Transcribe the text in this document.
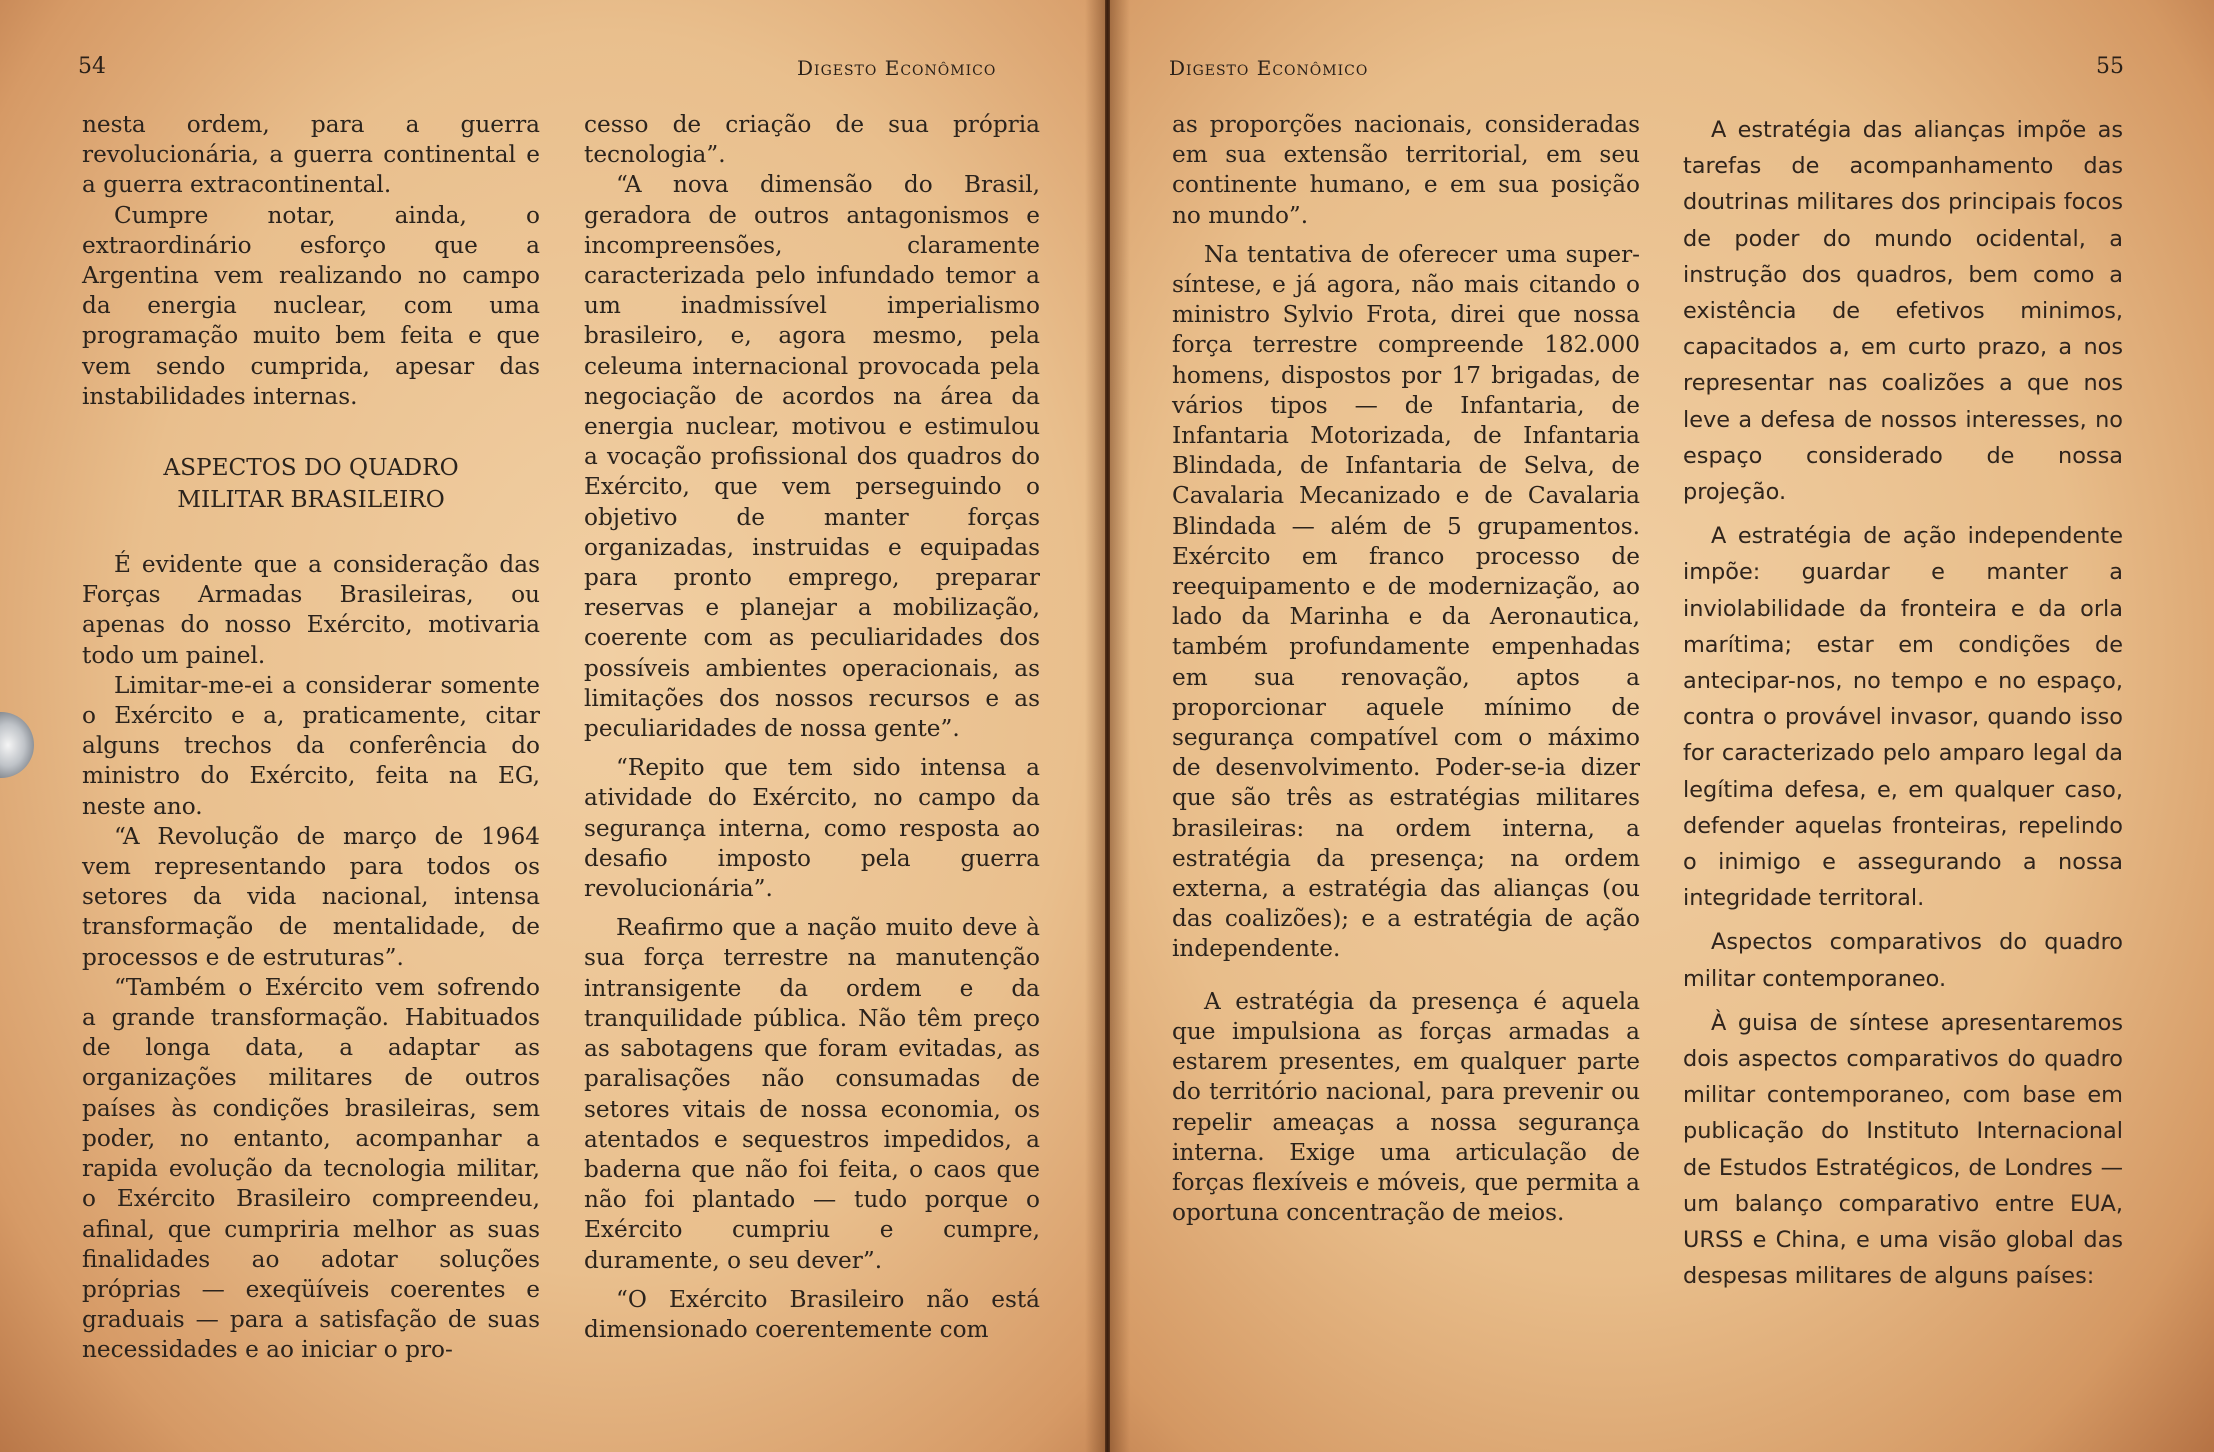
54	Digesto Econômico

nesta ordem, para a guerra revolucionária, a guerra continental e a guerra extracontinental.

Cumpre notar, ainda, o extraordinário esforço que a Argentina vem realizando no campo da energia nuclear, com uma programação muito bem feita e que vem sendo cumprida, apesar das instabilidades internas.

ASPECTOS DO QUADRO
MILITAR BRASILEIRO

É evidente que a consideração das Forças Armadas Brasileiras, ou apenas do nosso Exército, motivaria todo um painel.

Limitar-me-ei a considerar somente o Exército e a, praticamente, citar alguns trechos da conferência do ministro do Exército, feita na EG, neste ano.

“A Revolução de março de 1964 vem representando para todos os setores da vida nacional, intensa transformação de mentalidade, de processos e de estruturas”.

“Também o Exército vem sofrendo a grande transformação. Habituados de longa data, a adaptar as organizações militares de outros países às condições brasileiras, sem poder, no entanto, acompanhar a rapida evolução da tecnologia militar, o Exército Brasileiro compreendeu, afinal, que cumpriria melhor as suas finalidades ao adotar soluções próprias — exeqüíveis coerentes e graduais — para a satisfação de suas necessidades e ao iniciar o pro-

cesso de criação de sua própria tecnologia”.

“A nova dimensão do Brasil, geradora de outros antagonismos e incompreensões, claramente caracterizada pelo infundado temor a um inadmissível imperialismo brasileiro, e, agora mesmo, pela celeuma internacional provocada pela negociação de acordos na área da energia nuclear, motivou e estimulou a vocação profissional dos quadros do Exército, que vem perseguindo o objetivo de manter forças organizadas, instruidas e equipadas para pronto emprego, preparar reservas e planejar a mobilização, coerente com as peculiaridades dos possíveis ambientes operacionais, as limitações dos nossos recursos e as peculiaridades de nossa gente”.

“Repito que tem sido intensa a atividade do Exército, no campo da segurança interna, como resposta ao desafio imposto pela guerra revolucionária”.

Reafirmo que a nação muito deve à sua força terrestre na manutenção intransigente da ordem e da tranquilidade pública. Não têm preço as sabotagens que foram evitadas, as paralisações não consumadas de setores vitais de nossa economia, os atentados e sequestros impedidos, a baderna que não foi feita, o caos que não foi plantado — tudo porque o Exército cumpriu e cumpre, duramente, o seu dever”.

“O Exército Brasileiro não está dimensionado coerentemente com

Digesto Econômico	55

as proporções nacionais, consideradas em sua extensão territorial, em seu continente humano, e em sua posição no mundo”.

Na tentativa de oferecer uma super-síntese, e já agora, não mais citando o ministro Sylvio Frota, direi que nossa força terrestre compreende 182.000 homens, dispostos por 17 brigadas, de vários tipos — de Infantaria, de Infantaria Motorizada, de Infantaria Blindada, de Infantaria de Selva, de Cavalaria Mecanizado e de Cavalaria Blindada — além de 5 grupamentos. Exército em franco processo de reequipamento e de modernização, ao lado da Marinha e da Aeronautica, também profundamente empenhadas em sua renovação, aptos a proporcionar aquele mínimo de segurança compatível com o máximo de desenvolvimento. Poder-se-ia dizer que são três as estratégias militares brasileiras: na ordem interna, a estratégia da presença; na ordem externa, a estratégia das alianças (ou das coalizões); e a estratégia de ação independente.

A estratégia da presença é aquela que impulsiona as forças armadas a estarem presentes, em qualquer parte do território nacional, para prevenir ou repelir ameaças a nossa segurança interna. Exige uma articulação de forças flexíveis e móveis, que permita a oportuna concentração de meios.

A estratégia das alianças impõe as tarefas de acompanhamento das doutrinas militares dos principais focos de poder do mundo ocidental, a instrução dos quadros, bem como a existência de efetivos minimos, capacitados a, em curto prazo, a nos representar nas coalizões a que nos leve a defesa de nossos interesses, no espaço considerado de nossa projeção.

A estratégia de ação independente impõe: guardar e manter a inviolabilidade da fronteira e da orla marítima; estar em condições de antecipar-nos, no tempo e no espaço, contra o provável invasor, quando isso for caracterizado pelo amparo legal da legítima defesa, e, em qualquer caso, defender aquelas fronteiras, repelindo o inimigo e assegurando a nossa integridade territoral.

Aspectos comparativos do quadro militar contemporaneo.

À guisa de síntese apresentaremos dois aspectos comparativos do quadro militar contemporaneo, com base em publicação do Instituto Internacional de Estudos Estratégicos, de Londres — um balanço comparativo entre EUA, URSS e China, e uma visão global das despesas militares de alguns países:
